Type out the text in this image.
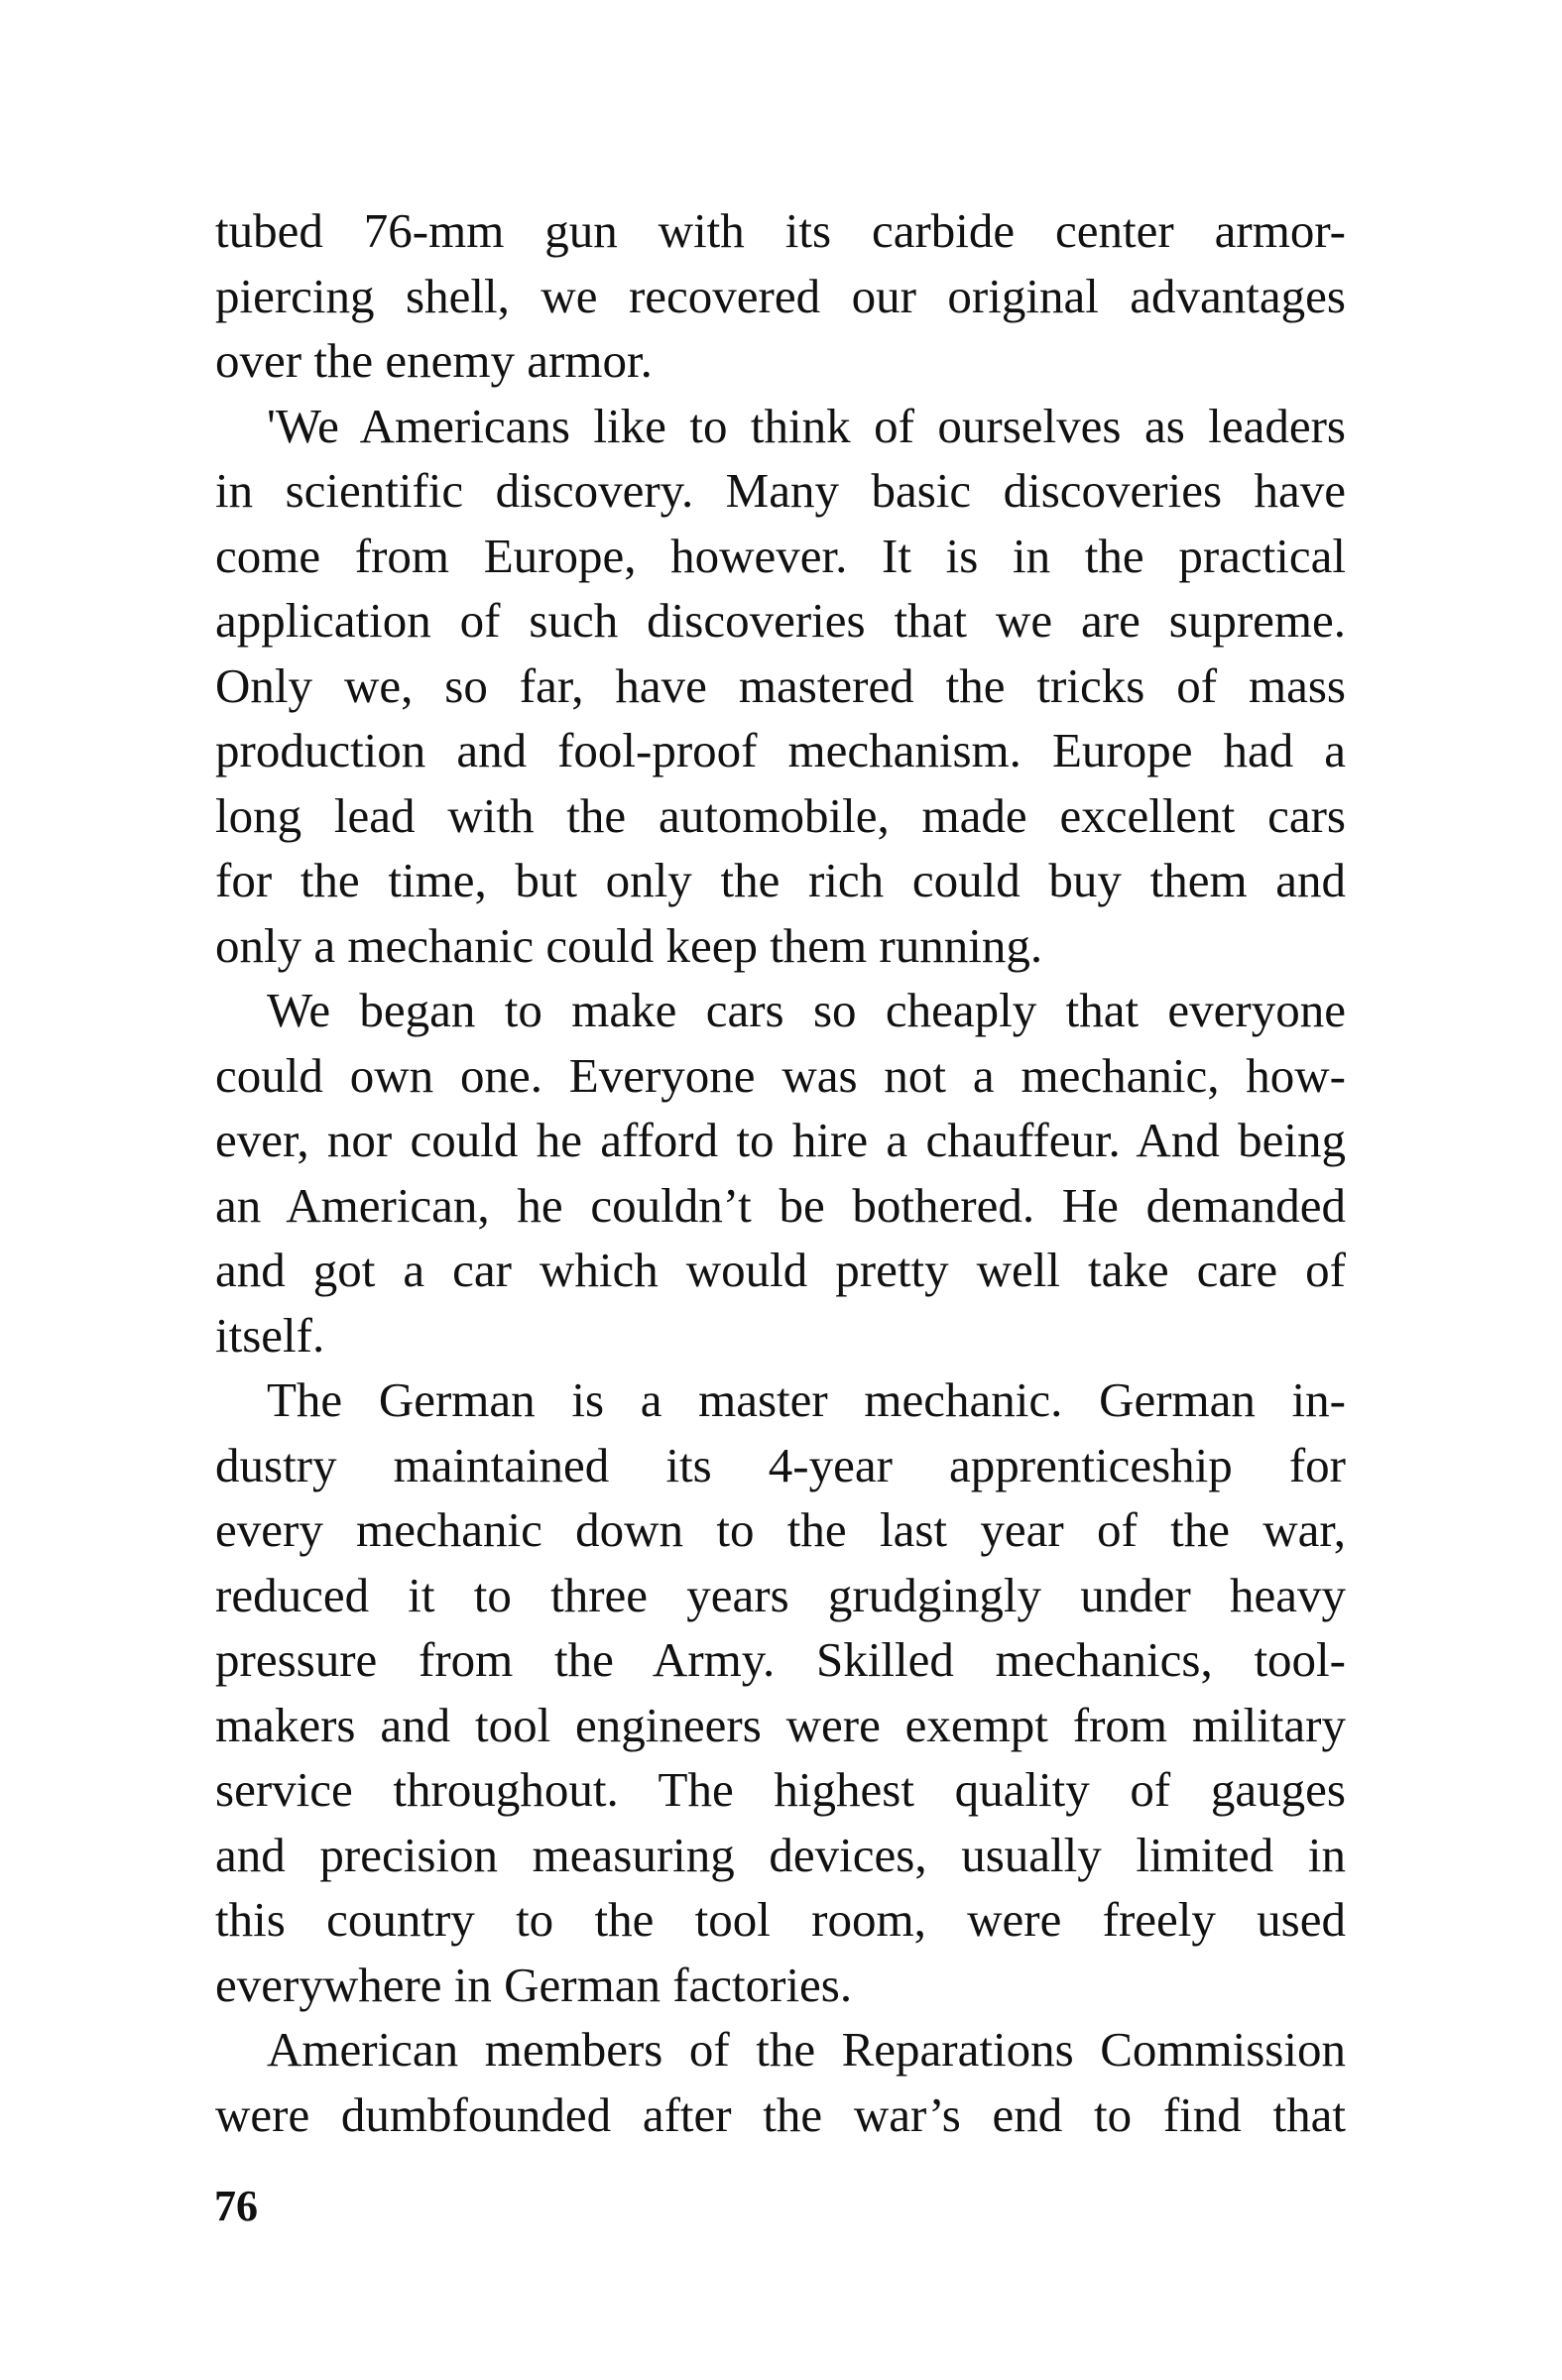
tubed 76-mm gun with its carbide center armor-
piercing shell, we recovered our original advantages
over the enemy armor.
'We Americans like to think of ourselves as leaders
in scientific discovery. Many basic discoveries have
come from Europe, however. It is in the practical
application of such discoveries that we are supreme.
Only we, so far, have mastered the tricks of mass
production and fool-proof mechanism. Europe had a
long lead with the automobile, made excellent cars
for the time, but only the rich could buy them and
only a mechanic could keep them running.
We began to make cars so cheaply that everyone
could own one. Everyone was not a mechanic, how-
ever, nor could he afford to hire a chauffeur. And being
an American, he couldn’t be bothered. He demanded
and got a car which would pretty well take care of
itself.
The German is a master mechanic. German in-
dustry maintained its 4-year apprenticeship for
every mechanic down to the last year of the war,
reduced it to three years grudgingly under heavy
pressure from the Army. Skilled mechanics, tool-
makers and tool engineers were exempt from military
service throughout. The highest quality of gauges
and precision measuring devices, usually limited in
this country to the tool room, were freely used
everywhere in German factories.
American members of the Reparations Commission
were dumbfounded after the war’s end to find that
76
